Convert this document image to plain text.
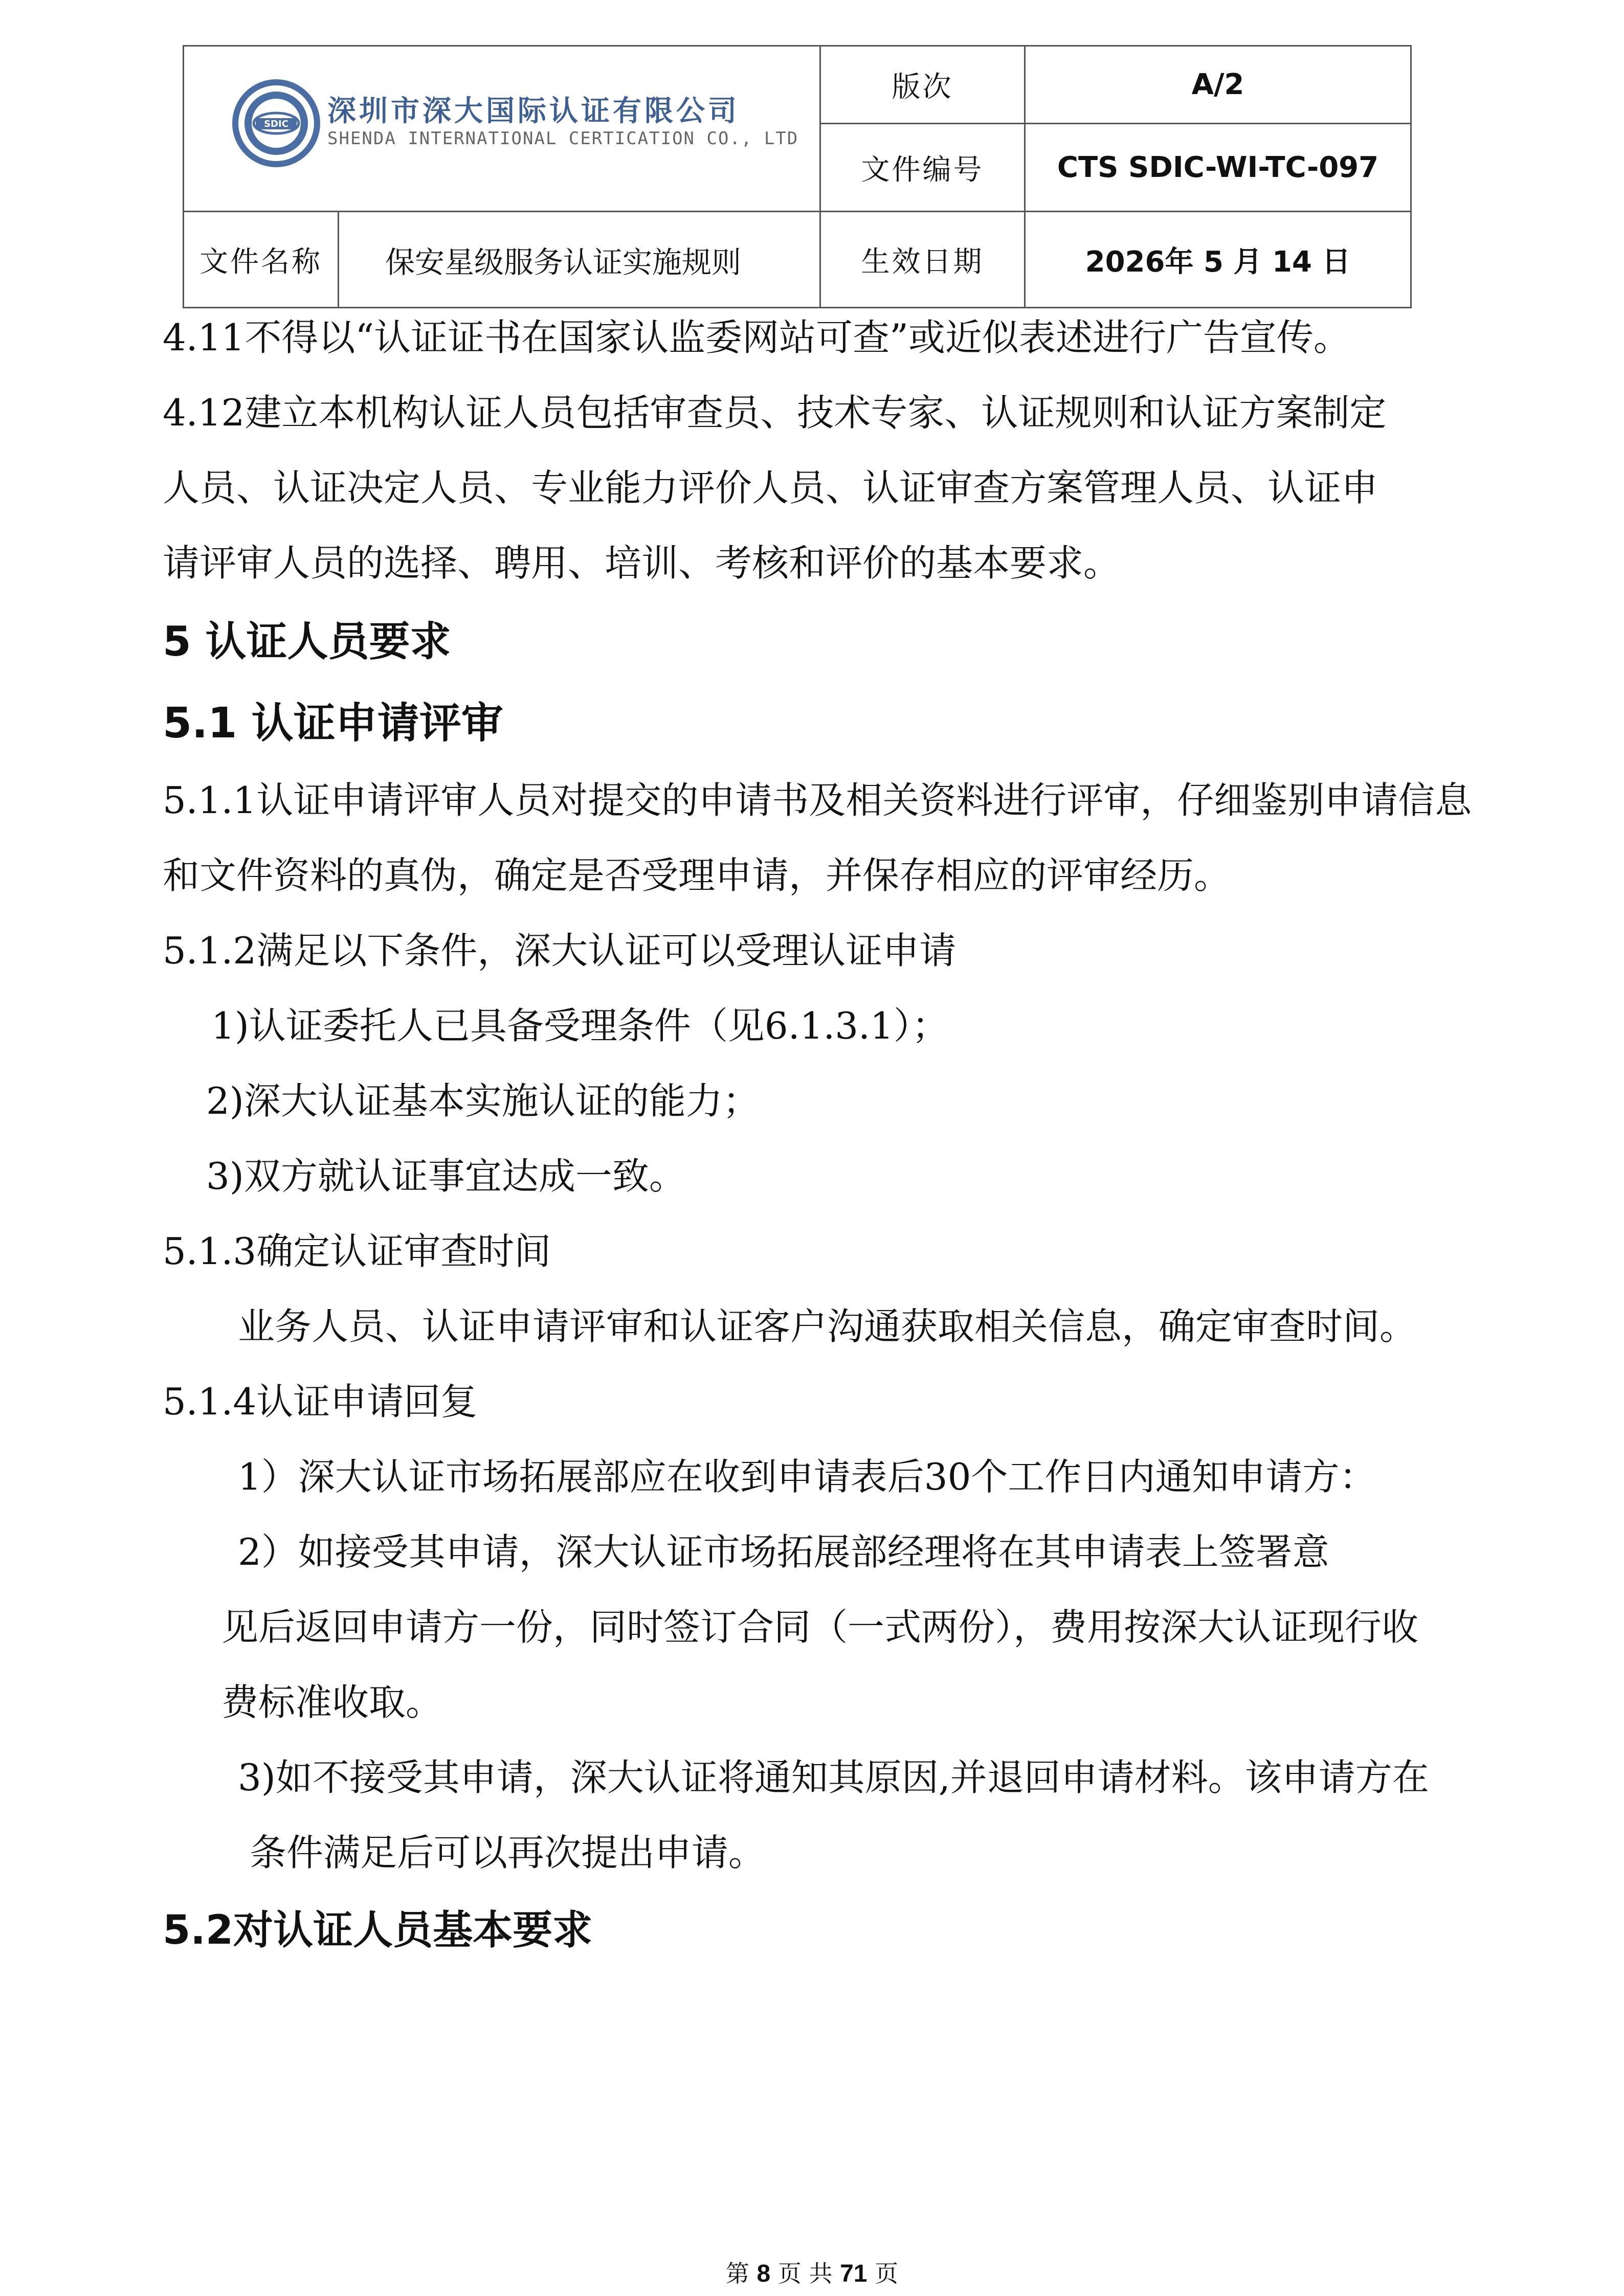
SDIC 深圳市深大国际认证有限公司
SHENDA INTERNATIONAL CERTICATION CO., LTD		版次	A/2
		文件编号	CTS SDIC-WI-TC-097
文件名称	保安星级服务认证实施规则	生效日期	2026年 5 月 14 日
4.11不得以“认证证书在国家认监委网站可查”或近似表述进行广告宣传。
4.12建立本机构认证人员包括审查员、技术专家、认证规则和认证方案制定
人员、认证决定人员、专业能力评价人员、认证审查方案管理人员、认证申
请评审人员的选择、聘用、培训、考核和评价的基本要求。
5 认证人员要求
5.1 认证申请评审
5.1.1认证申请评审人员对提交的申请书及相关资料进行评审，仔细鉴别申请信息
和文件资料的真伪，确定是否受理申请，并保存相应的评审经历。
5.1.2满足以下条件，深大认证可以受理认证申请
1)认证委托人已具备受理条件（见6.1.3.1）；
2)深大认证基本实施认证的能力；
3)双方就认证事宜达成一致。
5.1.3确定认证审查时间
业务人员、认证申请评审和认证客户沟通获取相关信息，确定审查时间。
5.1.4认证申请回复
1）深大认证市场拓展部应在收到申请表后30个工作日内通知申请方：
2）如接受其申请，深大认证市场拓展部经理将在其申请表上签署意
见后返回申请方一份，同时签订合同（一式两份），费用按深大认证现行收
费标准收取。
3)如不接受其申请，深大认证将通知其原因,并退回申请材料。该申请方在
条件满足后可以再次提出申请。
5.2对认证人员基本要求
第 8 页 共 71 页
